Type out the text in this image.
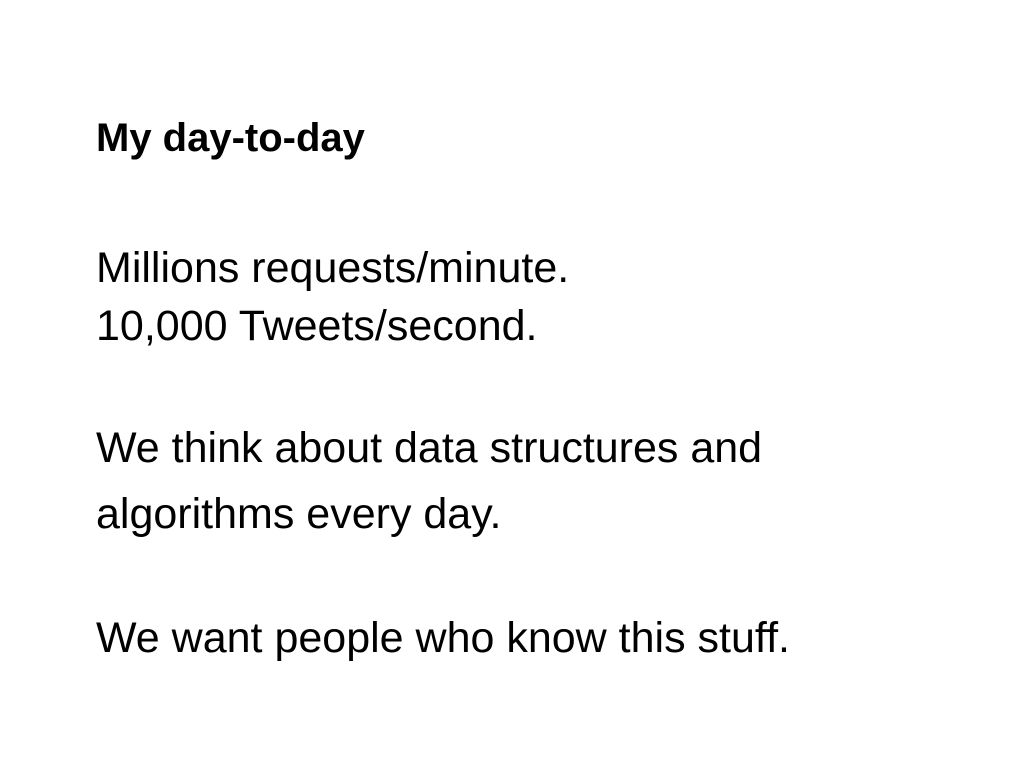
My day-to-day

Millions requests/minute.

10,000 Tweets/second.

We think about data structures and

algorithms every day.

We want people who know this stuff.
